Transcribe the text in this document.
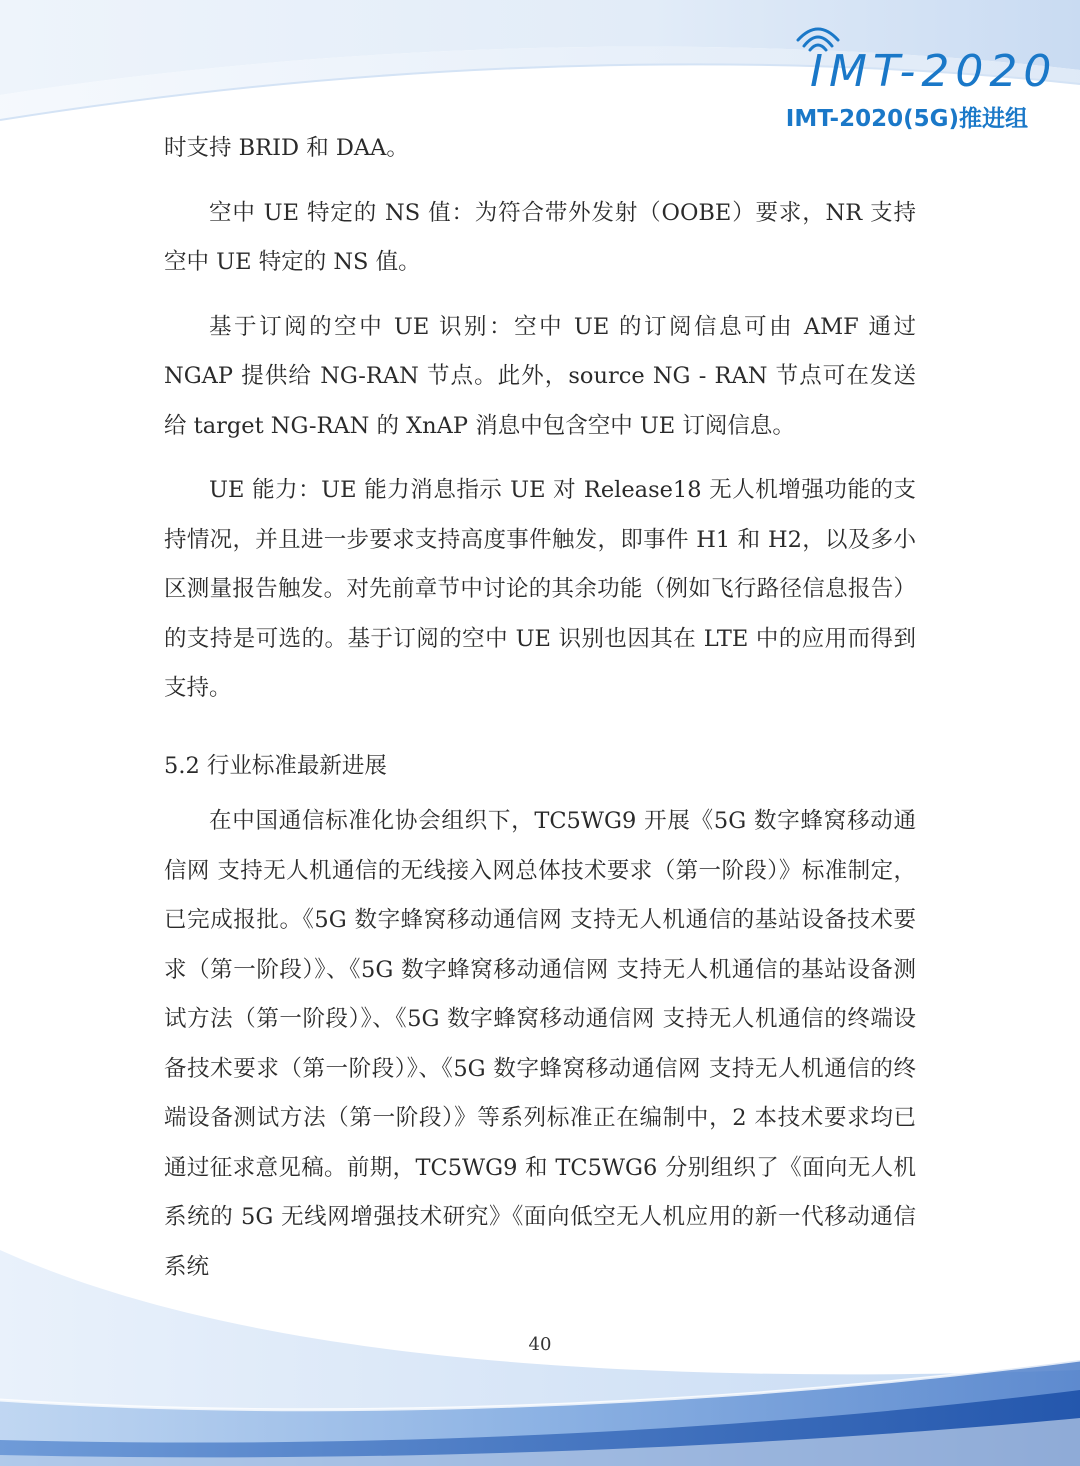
IMT-2020
IMT-2020(5G)推进组

时支持 BRID 和 DAA。

空中 UE 特定的 NS 值：为符合带外发射（OOBE）要求，NR 支持空中 UE 特定的 NS 值。

基于订阅的空中 UE 识别：空中 UE 的订阅信息可由 AMF 通过 NGAP 提供给 NG-RAN 节点。此外，source NG - RAN 节点可在发送给 target NG-RAN 的 XnAP 消息中包含空中 UE 订阅信息。

UE 能力：UE 能力消息指示 UE 对 Release18 无人机增强功能的支持情况，并且进一步要求支持高度事件触发，即事件 H1 和 H2，以及多小区测量报告触发。对先前章节中讨论的其余功能（例如飞行路径信息报告）的支持是可选的。基于订阅的空中 UE 识别也因其在 LTE 中的应用而得到支持。

5.2 行业标准最新进展

在中国通信标准化协会组织下，TC5WG9 开展《5G 数字蜂窝移动通信网 支持无人机通信的无线接入网总体技术要求（第一阶段）》标准制定，已完成报批。《5G 数字蜂窝移动通信网 支持无人机通信的基站设备技术要求（第一阶段）》、《5G 数字蜂窝移动通信网 支持无人机通信的基站设备测试方法（第一阶段）》、《5G 数字蜂窝移动通信网 支持无人机通信的终端设备技术要求（第一阶段）》、《5G 数字蜂窝移动通信网 支持无人机通信的终端设备测试方法（第一阶段）》等系列标准正在编制中，2 本技术要求均已通过征求意见稿。前期，TC5WG9 和 TC5WG6 分别组织了《面向无人机系统的 5G 无线网增强技术研究》《面向低空无人机应用的新一代移动通信系统

40
